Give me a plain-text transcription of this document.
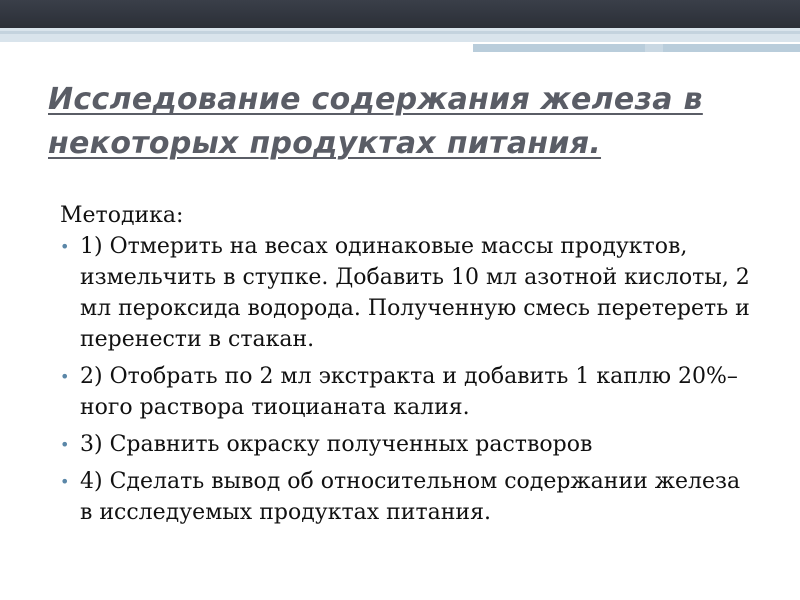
Исследование содержания железа в некоторых продуктах питания.

Методика:

• 1) Отмерить на весах одинаковые массы продуктов, измельчить в ступке. Добавить 10 мл азотной кислоты, 2 мл пероксида водорода. Полученную смесь перетереть и перенести в стакан.
• 2) Отобрать по 2 мл экстракта и добавить 1 каплю 20%–ного раствора тиоцианата калия.
• 3) Сравнить окраску полученных растворов
• 4) Сделать вывод об относительном содержании железа в исследуемых продуктах питания.
